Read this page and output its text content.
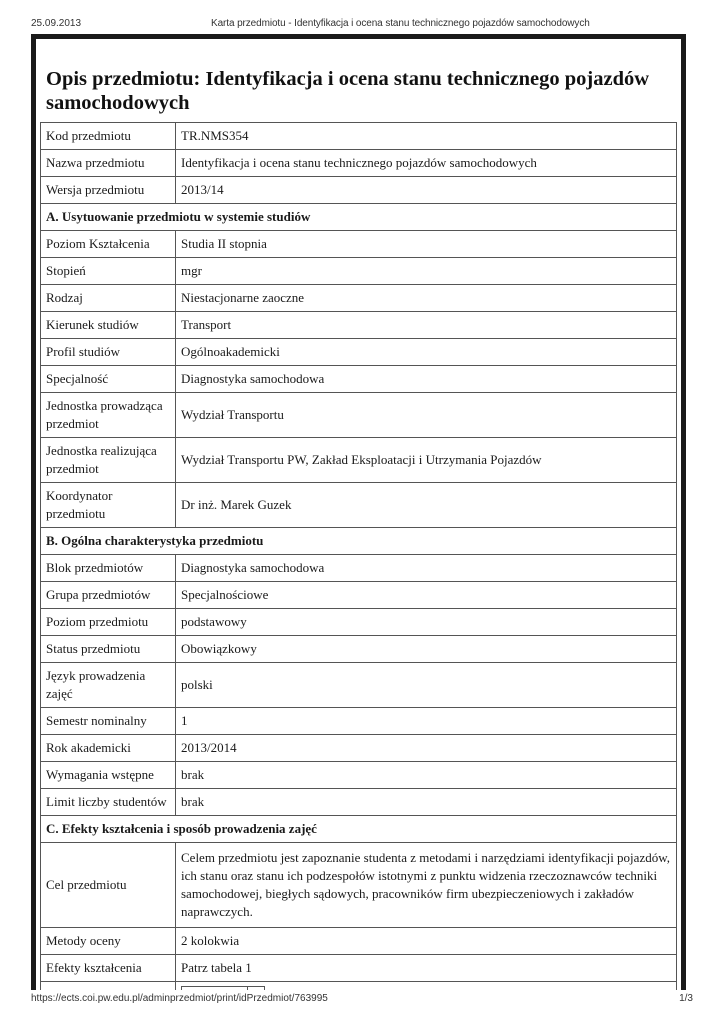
25.09.2013	Karta przedmiotu - Identyfikacja i ocena stanu technicznego pojazdów samochodowych
Opis przedmiotu: Identyfikacja i ocena stanu technicznego pojazdów samochodowych
Kod przedmiotu	TR.NMS354
Nazwa przedmiotu	Identyfikacja i ocena stanu technicznego pojazdów samochodowych
Wersja przedmiotu	2013/14
A. Usytuowanie przedmiotu w systemie studiów
Poziom Kształcenia	Studia II stopnia
Stopień	mgr
Rodzaj	Niestacjonarne zaoczne
Kierunek studiów	Transport
Profil studiów	Ogólnoakademicki
Specjalność	Diagnostyka samochodowa
Jednostka prowadząca przedmiot	Wydział Transportu
Jednostka realizująca przedmiot	Wydział Transportu PW, Zakład Eksploatacji i Utrzymania Pojazdów
Koordynator przedmiotu	Dr inż. Marek Guzek
B. Ogólna charakterystyka przedmiotu
Blok przedmiotów	Diagnostyka samochodowa
Grupa przedmiotów	Specjalnościowe
Poziom przedmiotu	podstawowy
Status przedmiotu	Obowiązkowy
Język prowadzenia zajęć	polski
Semestr nominalny	1
Rok akademicki	2013/2014
Wymagania wstępne	brak
Limit liczby studentów	brak
C. Efekty kształcenia i sposób prowadzenia zajęć
Cel przedmiotu	Celem przedmiotu jest zapoznanie studenta z metodami i narzędziami identyfikacji pojazdów, ich stanu oraz stanu ich podzespołów istotnymi z punktu widzenia rzeczoznawców techniki samochodowej, biegłych sądowych, pracowników firm ubezpieczeniowych i zakładów naprawczych.
Metody oceny	2 kolokwia
Efekty kształcenia	Patrz tabela 1

https://ects.coi.pw.edu.pl/adminprzedmiot/print/idPrzedmiot/763995	1/3
